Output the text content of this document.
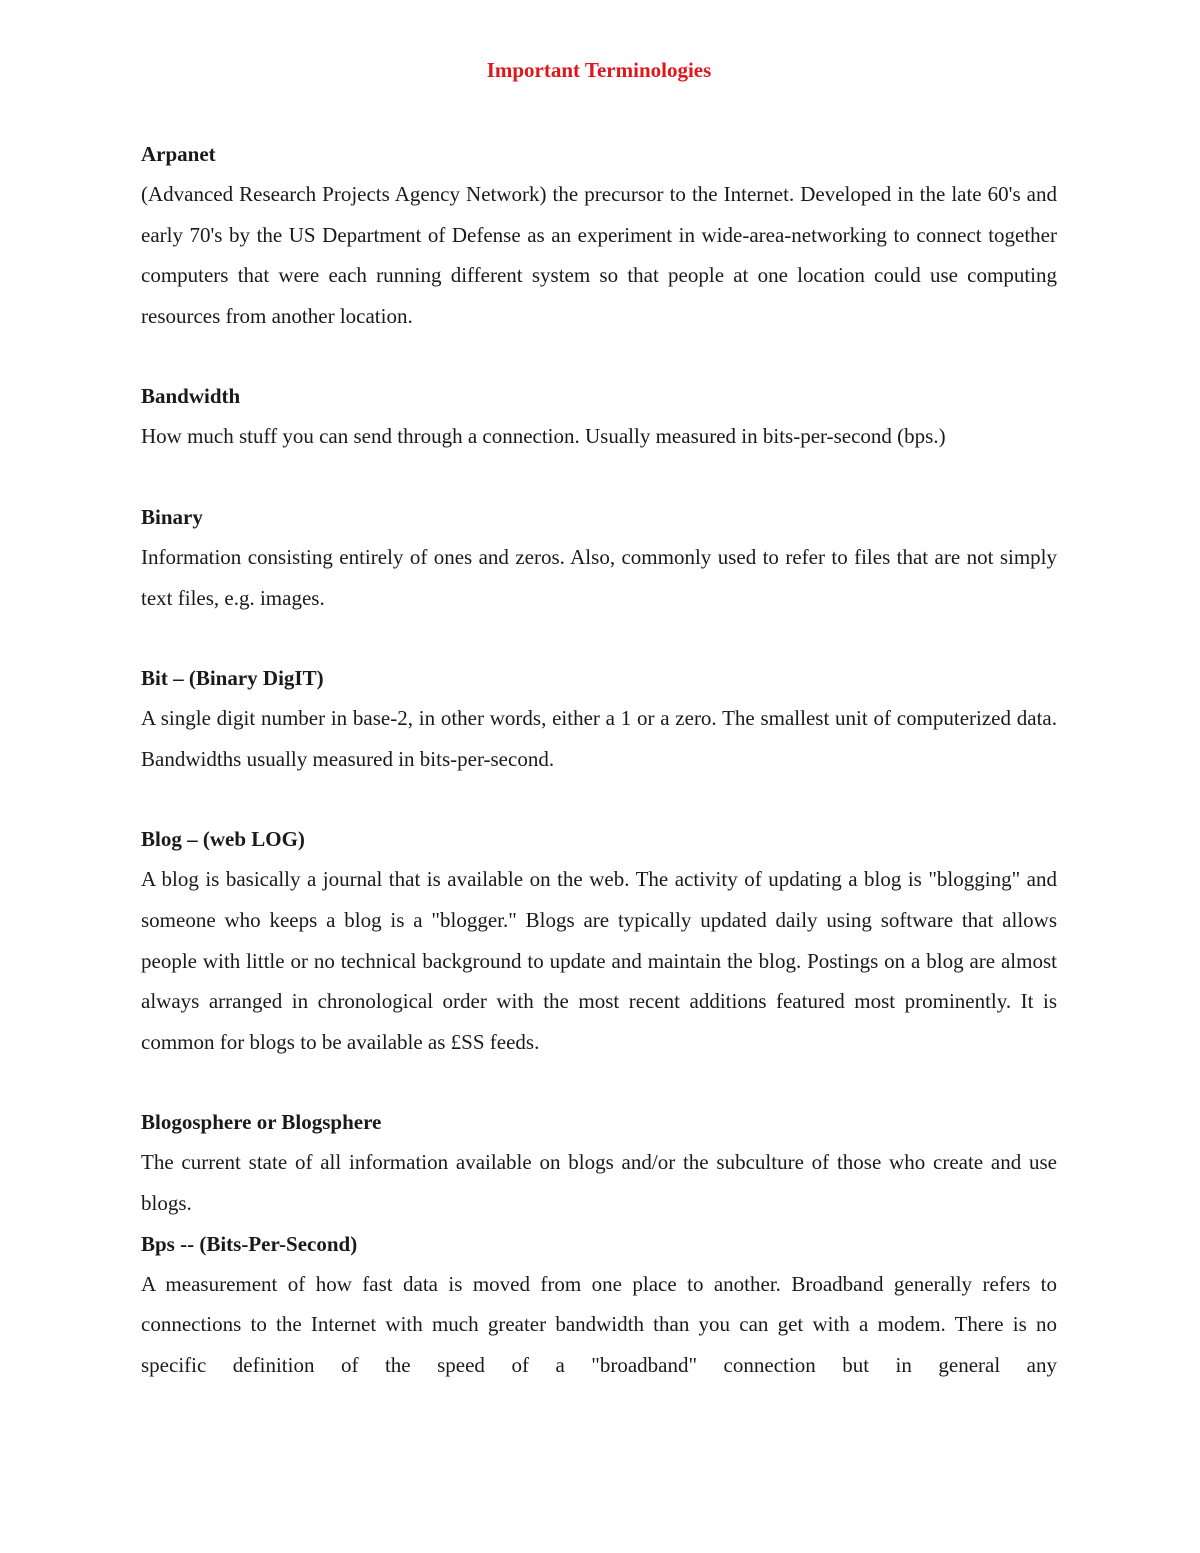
Important Terminologies

Arpanet

(Advanced Research Projects Agency Network) the precursor to the Internet. Developed in the late 60's and early 70's by the US Department of Defense as an experiment in wide-area-networking to connect together computers that were each running different system so that people at one location could use computing resources from another location.

Bandwidth

How much stuff you can send through a connection. Usually measured in bits-per-second (bps.)

Binary

Information consisting entirely of ones and zeros. Also, commonly used to refer to files that are not simply text files, e.g. images.

Bit – (Binary DigIT)

A single digit number in base-2, in other words, either a 1 or a zero. The smallest unit of computerized data. Bandwidths usually measured in bits-per-second.

Blog – (web LOG)

A blog is basically a journal that is available on the web. The activity of updating a blog is "blogging" and someone who keeps a blog is a "blogger." Blogs are typically updated daily using software that allows people with little or no technical background to update and maintain the blog. Postings on a blog are almost always arranged in chronological order with the most recent additions featured most prominently. It is common for blogs to be available as £SS feeds.

Blogosphere or Blogsphere

The current state of all information available on blogs and/or the subculture of those who create and use blogs.

Bps -- (Bits-Per-Second)

A measurement of how fast data is moved from one place to another. Broadband generally refers to connections to the Internet with much greater bandwidth than you can get with a modem. There is no specific definition of the speed of a "broadband" connection but in general any
